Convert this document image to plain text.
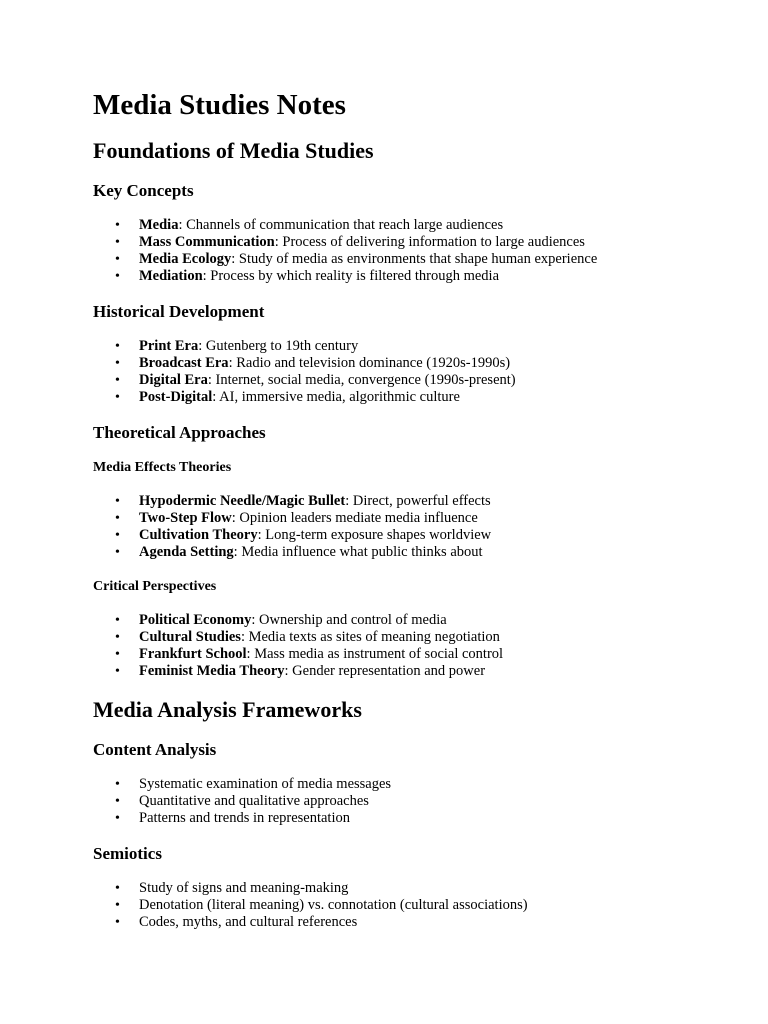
Media Studies Notes
Foundations of Media Studies
Key Concepts
• Media: Channels of communication that reach large audiences
• Mass Communication: Process of delivering information to large audiences
• Media Ecology: Study of media as environments that shape human experience
• Mediation: Process by which reality is filtered through media
Historical Development
• Print Era: Gutenberg to 19th century
• Broadcast Era: Radio and television dominance (1920s-1990s)
• Digital Era: Internet, social media, convergence (1990s-present)
• Post-Digital: AI, immersive media, algorithmic culture
Theoretical Approaches
Media Effects Theories
• Hypodermic Needle/Magic Bullet: Direct, powerful effects
• Two-Step Flow: Opinion leaders mediate media influence
• Cultivation Theory: Long-term exposure shapes worldview
• Agenda Setting: Media influence what public thinks about
Critical Perspectives
• Political Economy: Ownership and control of media
• Cultural Studies: Media texts as sites of meaning negotiation
• Frankfurt School: Mass media as instrument of social control
• Feminist Media Theory: Gender representation and power
Media Analysis Frameworks
Content Analysis
• Systematic examination of media messages
• Quantitative and qualitative approaches
• Patterns and trends in representation
Semiotics
• Study of signs and meaning-making
• Denotation (literal meaning) vs. connotation (cultural associations)
• Codes, myths, and cultural references
